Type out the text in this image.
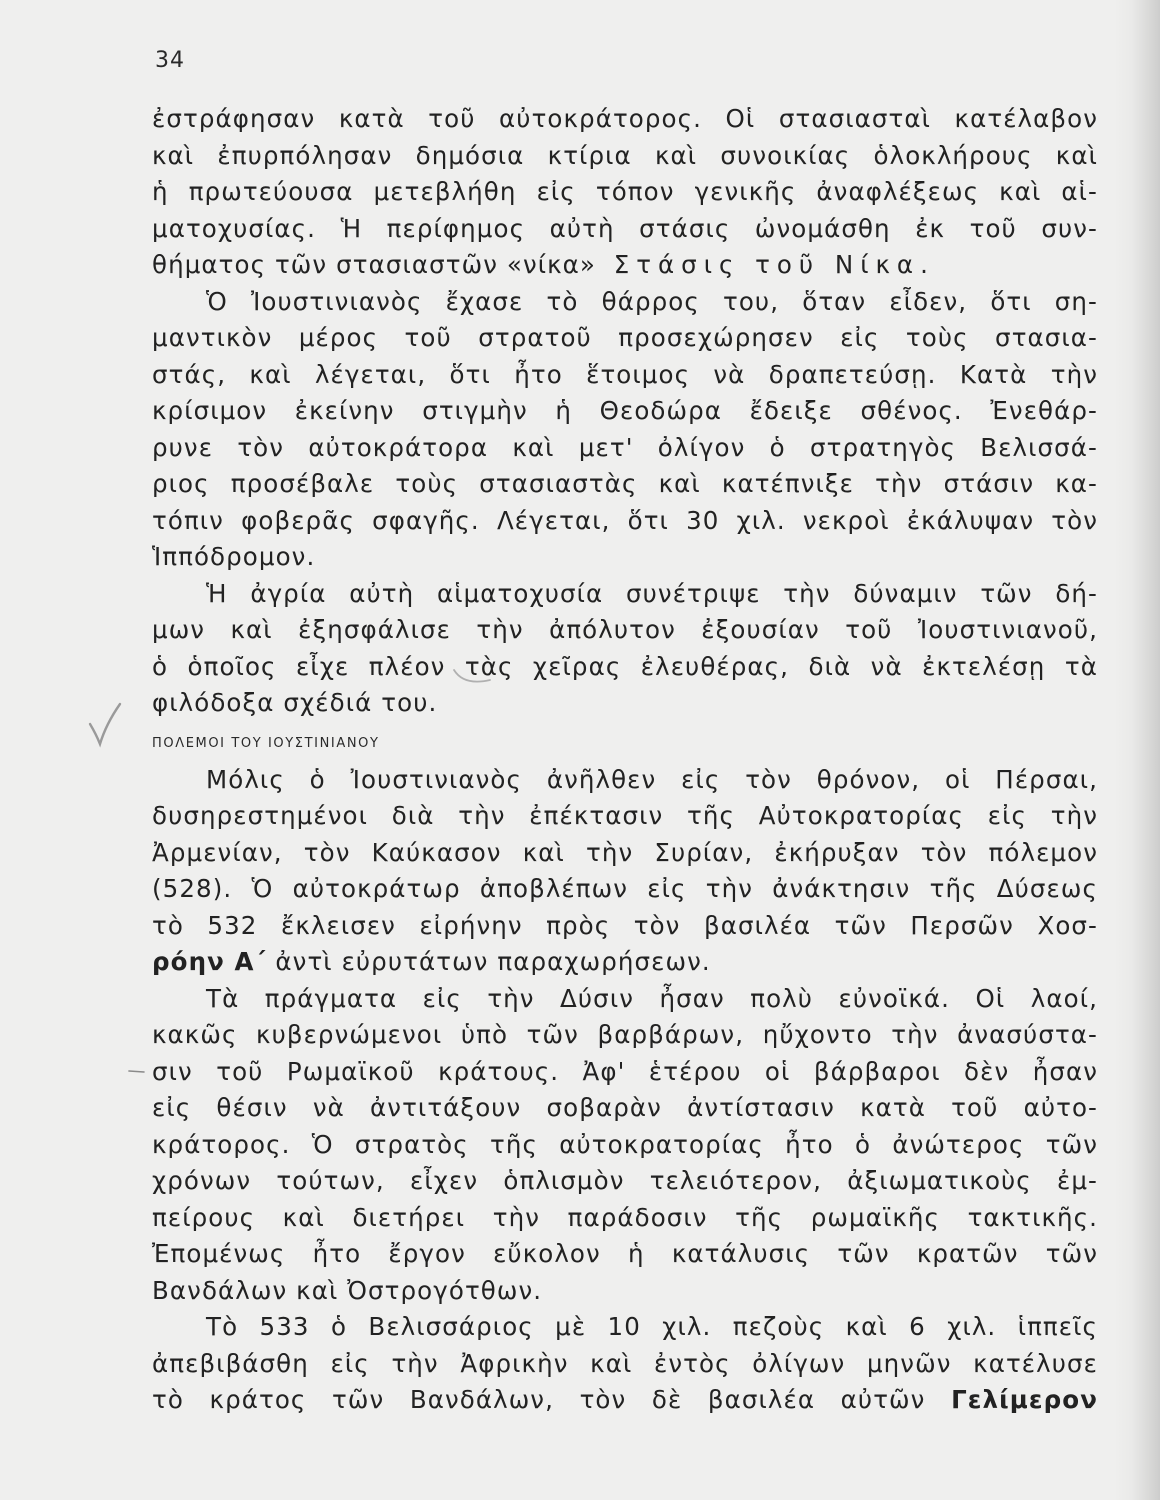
34
ἐστράφησαν κατὰ τοῦ αὐτοκράτορος. Οἱ στασιασταὶ κατέλαβον
καὶ ἐπυρπόλησαν δημόσια κτίρια καὶ συνοικίας ὁλοκλήρους καὶ
ἡ πρωτεύουσα μετεβλήθη εἰς τόπον γενικῆς ἀναφλέξεως καὶ αἱ-
ματοχυσίας. Ἡ περίφημος αὐτὴ στάσις ὠνομάσθη ἐκ τοῦ συν-
θήματος τῶν στασιαστῶν «νίκα» Στάσις τοῦ Νίκα.
Ὁ Ἰουστινιανὸς ἔχασε τὸ θάρρος του, ὅταν εἶδεν, ὅτι ση-
μαντικὸν μέρος τοῦ στρατοῦ προσεχώρησεν εἰς τοὺς στασια-
στάς, καὶ λέγεται, ὅτι ἦτο ἕτοιμος νὰ δραπετεύσῃ. Κατὰ τὴν
κρίσιμον ἐκείνην στιγμὴν ἡ Θεοδώρα ἔδειξε σθένος. Ἐνεθάρ-
ρυνε τὸν αὐτοκράτορα καὶ μετ' ὀλίγον ὁ στρατηγὸς Βελισσά-
ριος προσέβαλε τοὺς στασιαστὰς καὶ κατέπνιξε τὴν στάσιν κα-
τόπιν φοβερᾶς σφαγῆς. Λέγεται, ὅτι 30 χιλ. νεκροὶ ἐκάλυψαν τὸν
Ἱππόδρομον.
Ἡ ἀγρία αὐτὴ αἱματοχυσία συνέτριψε τὴν δύναμιν τῶν δή-
μων καὶ ἐξησφάλισε τὴν ἀπόλυτον ἐξουσίαν τοῦ Ἰουστινιανοῦ,
ὁ ὁποῖος εἶχε πλέον τὰς χεῖρας ἐλευθέρας, διὰ νὰ ἐκτελέσῃ τὰ
φιλόδοξα σχέδιά του.
ΠΟΛΕΜΟΙ ΤΟΥ ΙΟΥΣΤΙΝΙΑΝΟΥ
Μόλις ὁ Ἰουστινιανὸς ἀνῆλθεν εἰς τὸν θρόνον, οἱ Πέρσαι,
δυσηρεστημένοι διὰ τὴν ἐπέκτασιν τῆς Αὐτοκρατορίας εἰς τὴν
Ἀρμενίαν, τὸν Καύκασον καὶ τὴν Συρίαν, ἐκήρυξαν τὸν πόλεμον
(528). Ὁ αὐτοκράτωρ ἀποβλέπων εἰς τὴν ἀνάκτησιν τῆς Δύσεως
τὸ 532 ἔκλεισεν εἰρήνην πρὸς τὸν βασιλέα τῶν Περσῶν Χοσ-
ρόην Α΄ ἀντὶ εὐρυτάτων παραχωρήσεων.
Τὰ πράγματα εἰς τὴν Δύσιν ἦσαν πολὺ εὐνοϊκά. Οἱ λαοί,
κακῶς κυβερνώμενοι ὑπὸ τῶν βαρβάρων, ηὔχοντο τὴν ἀνασύστα-
σιν τοῦ Ρωμαϊκοῦ κράτους. Ἀφ' ἑτέρου οἱ βάρβαροι δὲν ἦσαν
εἰς θέσιν νὰ ἀντιτάξουν σοβαρὰν ἀντίστασιν κατὰ τοῦ αὐτο-
κράτορος. Ὁ στρατὸς τῆς αὐτοκρατορίας ἦτο ὁ ἀνώτερος τῶν
χρόνων τούτων, εἶχεν ὁπλισμὸν τελειότερον, ἀξιωματικοὺς ἐμ-
πείρους καὶ διετήρει τὴν παράδοσιν τῆς ρωμαϊκῆς τακτικῆς.
Ἐπομένως ἦτο ἔργον εὔκολον ἡ κατάλυσις τῶν κρατῶν τῶν
Βανδάλων καὶ Ὀστρογότθων.
Τὸ 533 ὁ Βελισσάριος μὲ 10 χιλ. πεζοὺς καὶ 6 χιλ. ἱππεῖς
ἀπεβιβάσθη εἰς τὴν Ἀφρικὴν καὶ ἐντὸς ὀλίγων μηνῶν κατέλυσε
τὸ κράτος τῶν Βανδάλων, τὸν δὲ βασιλέα αὐτῶν Γελίμερον
